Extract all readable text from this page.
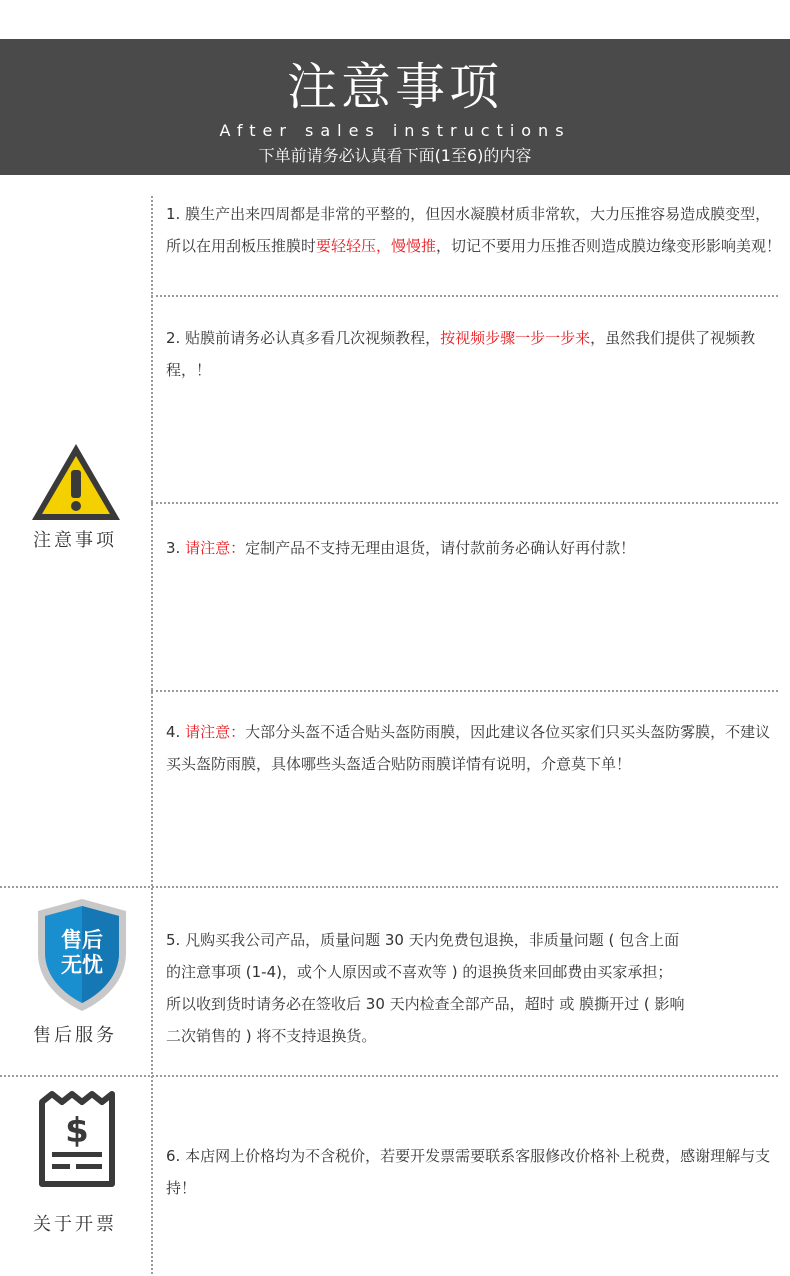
注意事项
After sales instructions
下单前请务必认真看下面(1至6)的内容
注意事项
售后
无忧
售后服务
$
关于开票
1. 膜生产出来四周都是非常的平整的，但因水凝膜材质非常软，大力压推容易造成膜变型，所以在用刮板压推膜时要轻轻压，慢慢推，切记不要用力压推否则造成膜边缘变形影响美观！
2. 贴膜前请务必认真多看几次视频教程，按视频步骤一步一步来，虽然我们提供了视频教程，！
3. 请注意：定制产品不支持无理由退货，请付款前务必确认好再付款！
4. 请注意：大部分头盔不适合贴头盔防雨膜，因此建议各位买家们只买头盔防雾膜，不建议买头盔防雨膜，具体哪些头盔适合贴防雨膜详情有说明，介意莫下单！
5. 凡购买我公司产品，质量问题 30 天内免费包退换，非质量问题 ( 包含上面
的注意事项 (1-4)，或个人原因或不喜欢等 ) 的退换货来回邮费由买家承担；
所以收到货时请务必在签收后 30 天内检查全部产品，超时 或 膜撕开过 ( 影响
二次销售的 ) 将不支持退换货。
6. 本店网上价格均为不含税价，若要开发票需要联系客服修改价格补上税费，感谢理解与支持！
